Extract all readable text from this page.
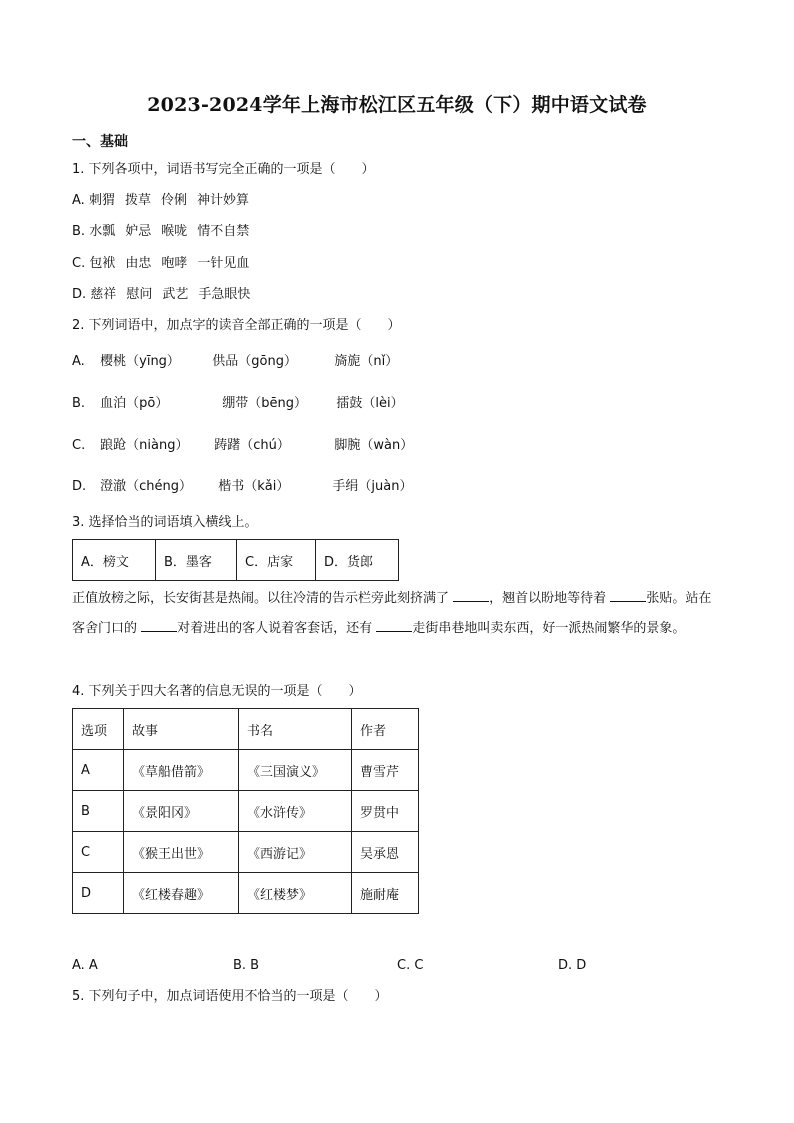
2023-2024学年上海市松江区五年级（下）期中语文试卷
一、基础
1. 下列各项中，词语书写完全正确的一项是（　　）
A. 刺猬 拨草 伶俐 神计妙算
B. 水瓢 妒忌 喉咙 情不自禁
C. 包袱 由忠 咆哮 一针见血
D. 慈祥 慰问 武艺 手急眼快
2. 下列词语中，加点字的读音全部正确的一项是（　　）
A. 樱桃（yīng） 供品（gōng）	旖旎（nǐ）
B. 血泊（pō）	绷带（bēng） 擂鼓（lèi）
C. 踉跄（niàng） 踌躇（chú）	脚腕（wàn）
D. 澄澈（chéng） 楷书（kǎi）	手绢（juàn）
3. 选择恰当的词语填入横线上。
A．榜文	B．墨客	C．店家	D．货郎
正值放榜之际，长安街甚是热闹。以往冷清的告示栏旁此刻挤满了	，翘首以盼地等待着	张贴。站在客舍门口的	对着进出的客人说着客套话，还有	走街串巷地叫卖东西，好一派热闹繁华的景象。
4. 下列关于四大名著的信息无误的一项是（　　）
选项	故事	书名	作者
A	《草船借箭》	《三国演义》	曹雪芹
B	《景阳冈》	《水浒传》	罗贯中
C	《猴王出世》	《西游记》	吴承恩
D	《红楼春趣》	《红楼梦》	施耐庵
A. A	B. B	C. C	D. D
5. 下列句子中，加点词语使用不恰当的一项是（　　）
